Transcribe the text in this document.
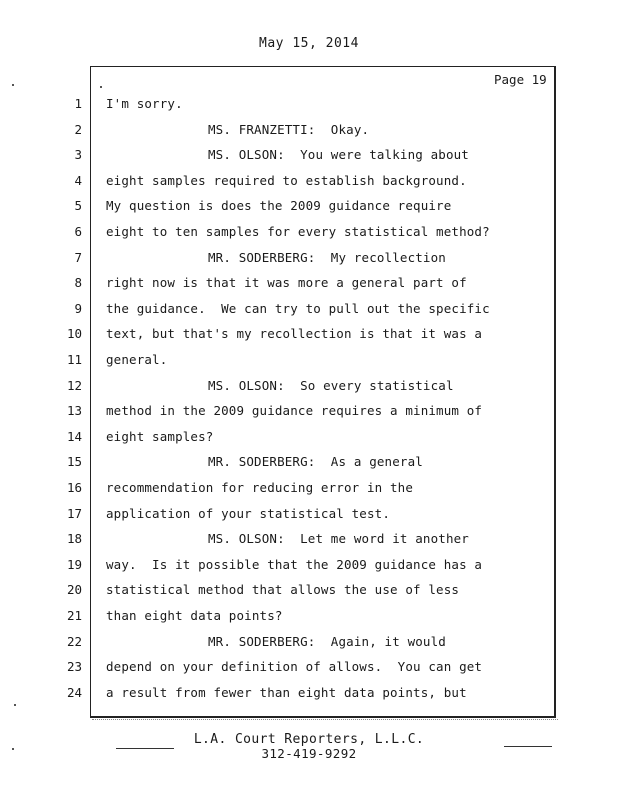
May 15, 2014
Page 19
1 I'm sorry.
2	MS. FRANZETTI:  Okay.
3	MS. OLSON:  You were talking about
4 eight samples required to establish background.
5 My question is does the 2009 guidance require
6 eight to ten samples for every statistical method?
7	MR. SODERBERG:  My recollection
8 right now is that it was more a general part of
9 the guidance.  We can try to pull out the specific
10 text, but that's my recollection is that it was a
11 general.
12	MS. OLSON:  So every statistical
13 method in the 2009 guidance requires a minimum of
14 eight samples?
15	MR. SODERBERG:  As a general
16 recommendation for reducing error in the
17 application of your statistical test.
18	MS. OLSON:  Let me word it another
19 way.  Is it possible that the 2009 guidance has a
20 statistical method that allows the use of less
21 than eight data points?
22	MR. SODERBERG:  Again, it would
23 depend on your definition of allows.  You can get
24 a result from fewer than eight data points, but
L.A. Court Reporters, L.L.C.
312-419-9292
